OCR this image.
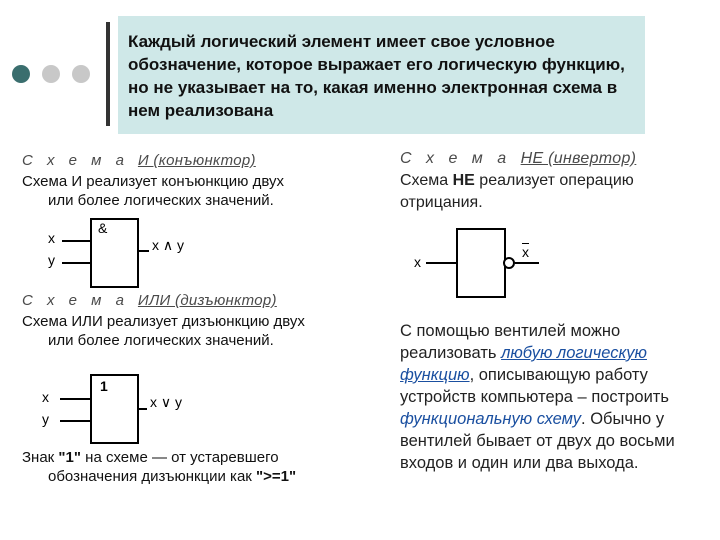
Каждый логический элемент имеет свое условное обозначение, которое выражает его логическую функцию, но не указывает на то, какая именно электронная схема в нем реализована
С х е м а И (конъюнктор)
Схема И реализует конъюнкцию двух
или более логических значений.
&
x
y
x ∧ y
С х е м а ИЛИ (дизъюнктор)
Схема ИЛИ реализует дизъюнкцию двух
или более логических значений.
1
x
y
x ∨ y
Знак "1" на схеме — от устаревшего
обозначения дизъюнкции как ">=1"
С х е м а НЕ (инвертор)
Схема НЕ реализует операцию
отрицания.
x
$\overline{x}$
С помощью вентилей можно
реализовать любую логическую
функцию, описывающую работу
устройств компьютера – построить
функциональную схему. Обычно у
вентилей бывает от двух до восьми
входов и один или два выхода.
